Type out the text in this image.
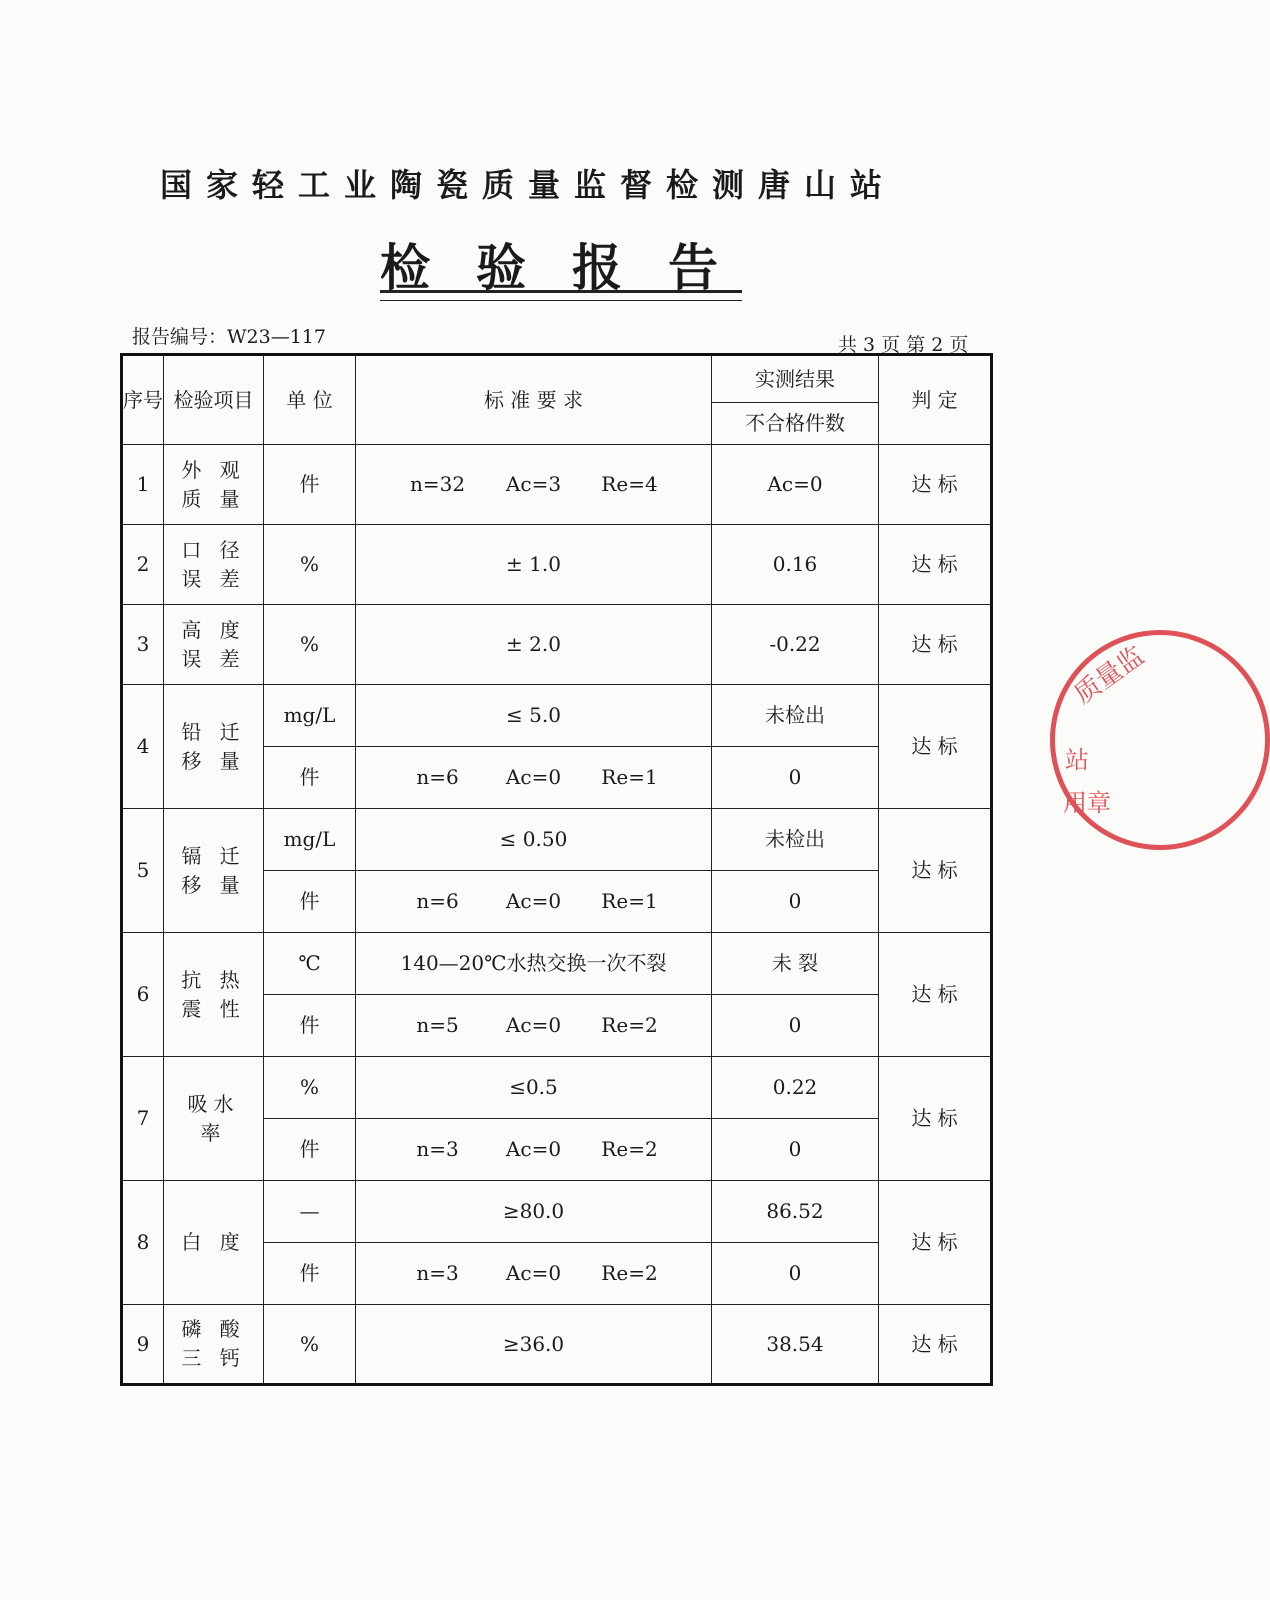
国家轻工业陶瓷质量监督检测唐山站
检验报告
报告编号：W23—117	共 3 页 第 2 页
序号	检验项目	单 位	标 准 要 求	实测结果	判 定
				不合格件数	
1	外 观质 量	件	n=32 Ac=3 Re=4	Ac=0	达 标
2	口 径误 差	%	± 1.0	0.16	达 标
3	高 度误 差	%	± 2.0	-0.22	达 标
4	铅 迁移 量	mg/L	≤ 5.0	未检出	达 标
		件	n=6 Ac=0 Re=1	0	
5	镉 迁移 量	mg/L	≤ 0.50	未检出	达 标
		件	n=6 Ac=0 Re=1	0	
6	抗 热震 性	℃	140—20℃水热交换一次不裂	未 裂	达 标
		件	n=5 Ac=0 Re=2	0	
7	吸水率	%	≤0.5	0.22	达 标
		件	n=3 Ac=0 Re=2	0	
8	白 度	—	≥80.0	86.52	达 标
		件	n=3 Ac=0 Re=2	0	
9	磷 酸三 钙	%	≥36.0	38.54	达 标
质量监
站
用章
